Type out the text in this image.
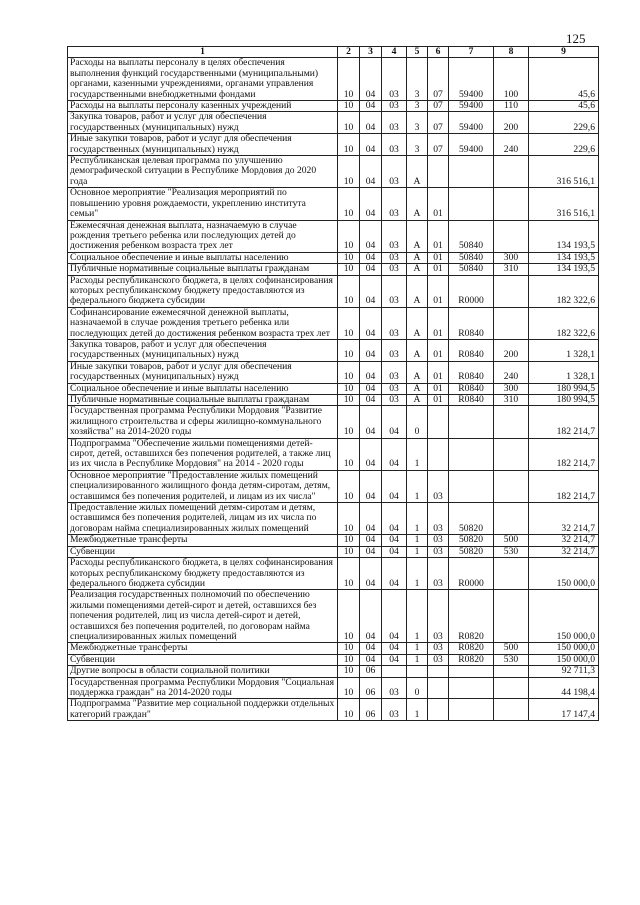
125
1	2	3	4	5	6	7	8	9
Расходы на выплаты персоналу в целях обеспечения выполнения функций государственными (муниципальными) органами, казенными учреждениями, органами управления государственными внебюджетными фондами	10	04	03	3	07	59400	100	45,6
Расходы на выплаты персоналу казенных учреждений	10	04	03	3	07	59400	110	45,6
Закупка товаров, работ и услуг для обеспечения государственных (муниципальных) нужд	10	04	03	3	07	59400	200	229,6
Иные закупки товаров, работ и услуг для обеспечения государственных (муниципальных) нужд	10	04	03	3	07	59400	240	229,6
Республиканская целевая программа по улучшению демографической ситуации в Республике Мордовия до 2020 года	10	04	03	А				316 516,1
Основное мероприятие "Реализация мероприятий по повышению уровня рождаемости, укреплению института семьи"	10	04	03	А	01			316 516,1
Ежемесячная денежная выплата, назначаемую в случае рождения третьего ребенка или последующих детей до достижения ребенком возраста трех лет	10	04	03	А	01	50840		134 193,5
Социальное обеспечение и иные выплаты населению	10	04	03	А	01	50840	300	134 193,5
Публичные нормативные социальные выплаты гражданам	10	04	03	А	01	50840	310	134 193,5
Расходы республиканского бюджета, в целях софинансирования которых республиканскому бюджету предоставляются из федерального бюджета субсидии	10	04	03	А	01	R0000		182 322,6
Софинансирование ежемесячной денежной выплаты, назначаемой в случае рождения третьего ребенка или последующих детей до достижения ребенком возраста трех лет	10	04	03	А	01	R0840		182 322,6
Закупка товаров, работ и услуг для обеспечения государственных (муниципальных) нужд	10	04	03	А	01	R0840	200	1 328,1
Иные закупки товаров, работ и услуг для обеспечения государственных (муниципальных) нужд	10	04	03	А	01	R0840	240	1 328,1
Социальное обеспечение и иные выплаты населению	10	04	03	А	01	R0840	300	180 994,5
Публичные нормативные социальные выплаты гражданам	10	04	03	А	01	R0840	310	180 994,5
Государственная программа Республики Мордовия "Развитие жилищного строительства и сферы жилищно-коммунального хозяйства" на 2014-2020 годы	10	04	04	0				182 214,7
Подпрограмма "Обеспечение жильми помещениями детей-сирот, детей, оставшихся без попечения родителей, а также лиц из их числа в Республике Мордовия" на 2014 - 2020 годы	10	04	04	1				182 214,7
Основное мероприятие "Предоставление жилых помещений специализированного жилищного фонда детям-сиротам, детям, оставшимся без попечения родителей, и лицам из их числа"	10	04	04	1	03			182 214,7
Предоставление жилых помещений детям-сиротам и детям, оставшимся без попечения родителей, лицам из их числа по договорам найма специализированных жилых помещений	10	04	04	1	03	50820		32 214,7
Межбюджетные трансферты	10	04	04	1	03	50820	500	32 214,7
Субвенции	10	04	04	1	03	50820	530	32 214,7
Расходы республиканского бюджета, в целях софинансирования которых республиканскому бюджету предоставляются из федерального бюджета субсидии	10	04	04	1	03	R0000		150 000,0
Реализация государственных полномочий по обеспечению жилыми помещениями детей-сирот и детей, оставшихся без попечения родителей, лиц из числа детей-сирот и детей, оставшихся без попечения родителей, по договорам найма специализированных жилых помещений	10	04	04	1	03	R0820		150 000,0
Межбюджетные трансферты	10	04	04	1	03	R0820	500	150 000,0
Субвенции	10	04	04	1	03	R0820	530	150 000,0
Другие вопросы в области социальной политики	10	06						92 711,3
Государственная программа Республики Мордовия "Социальная поддержка граждан" на 2014-2020 годы	10	06	03	0				44 198,4
Подпрограмма "Развитие мер социальной поддержки отдельных категорий граждан"	10	06	03	1				17 147,4
